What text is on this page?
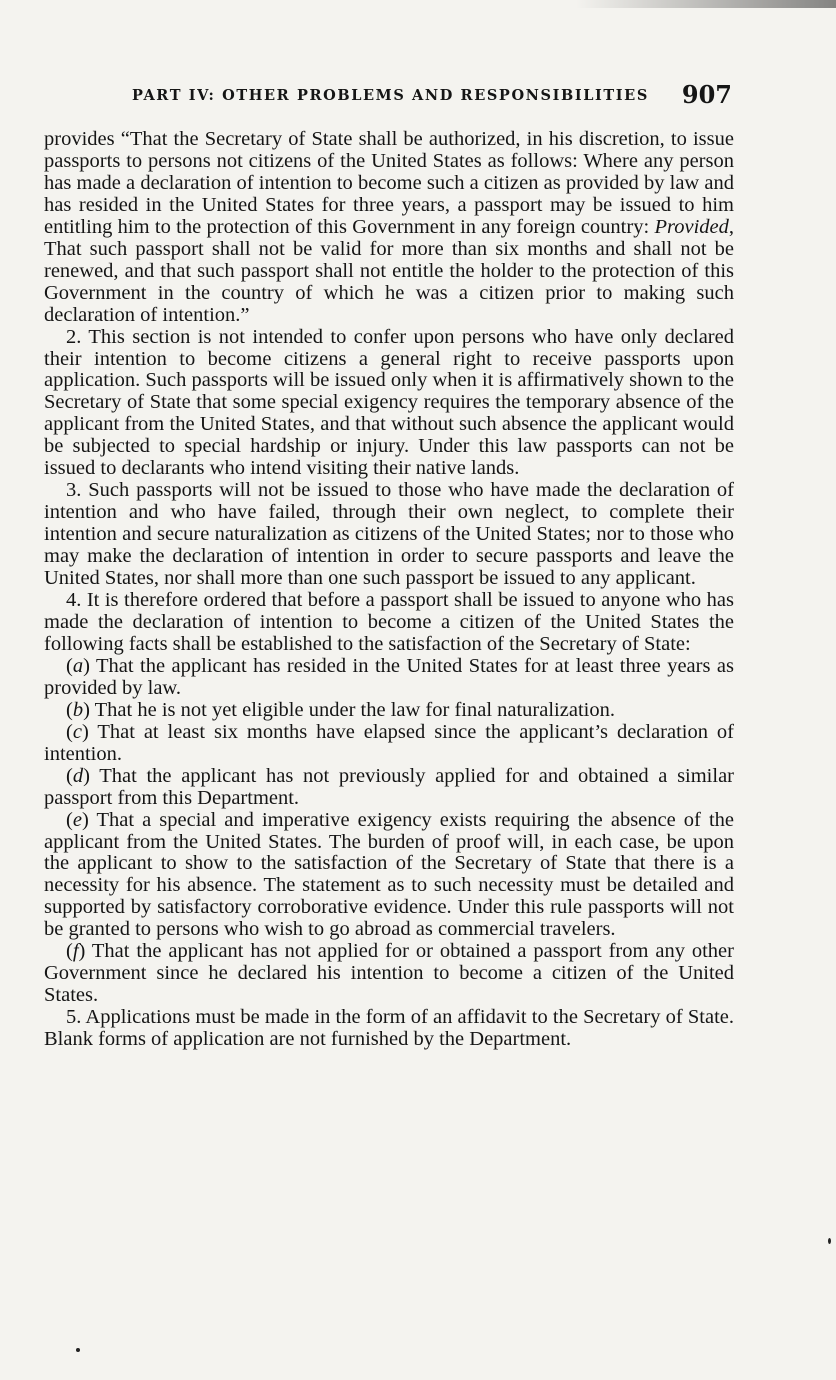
PART IV: OTHER PROBLEMS AND RESPONSIBILITIES 907

provides “That the Secretary of State shall be authorized, in his discretion, to issue passports to persons not citizens of the United States as follows: Where any person has made a declaration of intention to become such a citizen as provided by law and has resided in the United States for three years, a passport may be issued to him entitling him to the protection of this Government in any foreign country: Provided, That such passport shall not be valid for more than six months and shall not be renewed, and that such passport shall not entitle the holder to the protection of this Government in the country of which he was a citizen prior to making such declaration of intention.”

2. This section is not intended to confer upon persons who have only declared their intention to become citizens a general right to receive passports upon application. Such passports will be issued only when it is affirmatively shown to the Secretary of State that some special exigency requires the temporary absence of the applicant from the United States, and that without such absence the applicant would be subjected to special hardship or injury. Under this law passports can not be issued to declarants who intend visiting their native lands.

3. Such passports will not be issued to those who have made the declaration of intention and who have failed, through their own neglect, to complete their intention and secure naturalization as citizens of the United States; nor to those who may make the declaration of intention in order to secure passports and leave the United States, nor shall more than one such passport be issued to any applicant.

4. It is therefore ordered that before a passport shall be issued to anyone who has made the declaration of intention to become a citizen of the United States the following facts shall be established to the satisfaction of the Secretary of State:

(a) That the applicant has resided in the United States for at least three years as provided by law.

(b) That he is not yet eligible under the law for final naturalization.

(c) That at least six months have elapsed since the applicant’s declaration of intention.

(d) That the applicant has not previously applied for and obtained a similar passport from this Department.

(e) That a special and imperative exigency exists requiring the absence of the applicant from the United States. The burden of proof will, in each case, be upon the applicant to show to the satisfaction of the Secretary of State that there is a necessity for his absence. The statement as to such necessity must be detailed and supported by satisfactory corroborative evidence. Under this rule passports will not be granted to persons who wish to go abroad as commercial travelers.

(f) That the applicant has not applied for or obtained a passport from any other Government since he declared his intention to become a citizen of the United States.

5. Applications must be made in the form of an affidavit to the Secretary of State. Blank forms of application are not furnished by the Department.
